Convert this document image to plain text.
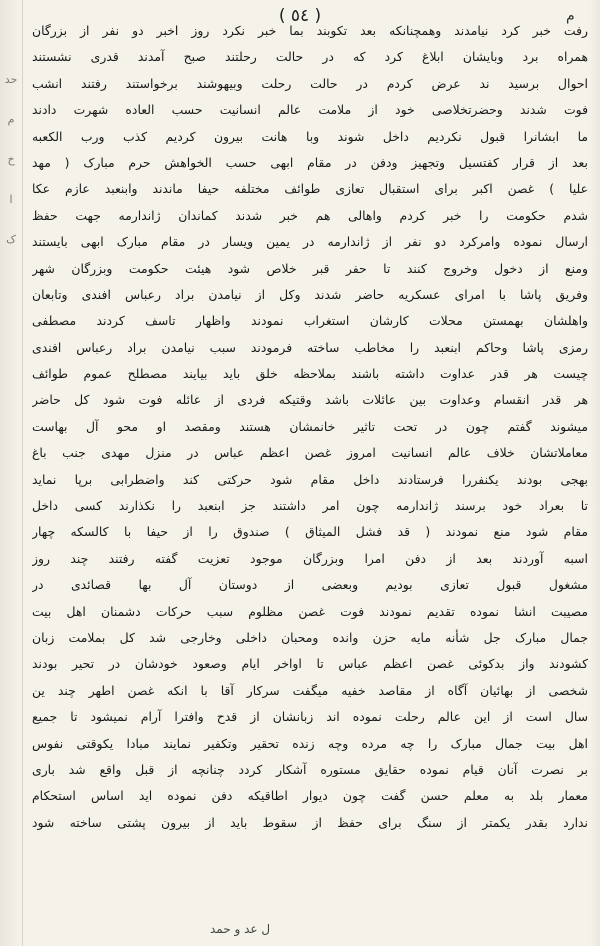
حد
م
خ
ا
ک
( ٥٤ )	م
رفت خبر کرد نیامدند وهمچنانکه بعد تکوبند بما خبر نکرد روز اخبر دو نفر از بزرگان
همراه برد وبایشان ابلاغ کرد که در حالت رحلتند صبح آمدند قدری نشستند
احوال برسید ند عرض کردم در حالت رحلت وبیهوشند برخواستند رفتند انشب
فوت شدند وحضرتخلاصی خود از ملامت عالم انسانیت حسب العاده شهرت دادند
ما ابشانرا قبول نکردیم داخل شوند وبا هانت بیرون کردیم کذب ورب الکعبه
بعد از قرار کفتسیل وتجهیز ودفن در مقام ابهی حسب الخواهش حرم مبارک ( مهد
علیا ) غصن اکبر برای استقبال تعازی طوائف مختلفه حیفا ماندند وابنعبد عازم عکا
شدم حکومت را خبر کردم واهالی هم خبر شدند کماندان ژاندارمه جهت حفظ
ارسال نموده وامرکرد دو نفر از ژاندارمه در یمین ویسار در مقام مبارک ابهی بایستند
ومنع از دخول وخروج کنند تا حفر قبر خلاص شود هیئت حکومت وبزرگان شهر
وفریق پاشا با امرای عسکریه حاضر شدند وکل از نیامدن براد رعباس افندی وتابعان
واهلشان بهمستن محلات کارشان استغراب نمودند واظهار تاسف کردند مصطفی
رمزی پاشا وحاکم ابنعبد را مخاطب ساخته فرمودند سبب نیامدن براد رعباس افندی
چیست هر قدر عداوت داشته باشند بملاحظه خلق باید بیایند مصطلح عموم طوائف
هر قدر انقسام وعداوت بین عائلات باشد وقتیکه فردی از عائله فوت شود کل حاضر
میشوند گفتم چون در تحت تاثیر خانمشان هستند ومقصد او محو آل بهاست
معاملاتشان خلاف عالم انسانیت امروز غصن اعظم عباس در منزل مهدی جنب باغ
بهجی بودند یکنفررا فرستادند داخل مقام شود حرکتی کند واضطرابی برپا نماید
تا بعراد خود برسند ژاندارمه چون امر داشتند جز ابنعبد را نکذارند کسی داخل
مقام شود منع نمودند ( قد فشل المیثاق ) صندوق را از حیفا با کالسکه چهار
اسبه آوردند بعد از دفن امرا وبزرگان موجود تعزیت گفته رفتند چند روز
مشغول قبول تعازی بودیم وبعضی از دوستان آل بها قصائدی در
مصیبت انشا نموده تقدیم نمودند فوت غصن مظلوم سبب حرکات دشمنان اهل بیت
جمال مبارک جل شأنه مایه حزن وانده ومحبان داخلی وخارجی شد کل بملامت زبان
کشودند واز بدکوئی غصن اعظم عباس تا اواخر ایام وصعود خودشان در تحیر بودند
شخصی از بهائیان آگاه از مقاصد خفیه میگفت سرکار آقا با انکه غصن اطهر چند ین
سال است از این عالم رحلت نموده اند زبانشان از قدح وافترا آرام نمیشود تا جمیع
اهل بیت جمال مبارک را چه مرده وچه زنده تحقیر وتکفیر نمایند مبادا یکوقتی نفوس
بر نصرت آنان قیام نموده حقایق مستوره آشکار کردد چنانچه از قبل واقع شد باری
معمار بلد به معلم حسن گفت چون دیوار اطاقیکه دفن نموده اید اساس استحکام
ندارد بقدر یکمتر از سنگ برای حفظ از سقوط باید از بیرون پشتی ساخته شود
ل عد و حمد
